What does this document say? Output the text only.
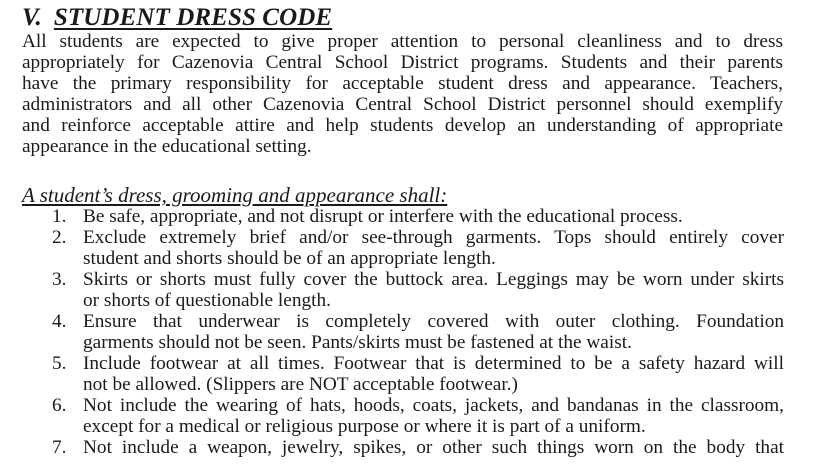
V. STUDENT DRESS CODE
All students are expected to give proper attention to personal cleanliness and to dress
appropriately for Cazenovia Central School District programs. Students and their parents
have the primary responsibility for acceptable student dress and appearance. Teachers,
administrators and all other Cazenovia Central School District personnel should exemplify
and reinforce acceptable attire and help students develop an understanding of appropriate
appearance in the educational setting.
A student’s dress, grooming and appearance shall:
1. Be safe, appropriate, and not disrupt or interfere with the educational process.
2. Exclude extremely brief and/or see-through garments. Tops should entirely cover
student and shorts should be of an appropriate length.
3. Skirts or shorts must fully cover the buttock area. Leggings may be worn under skirts
or shorts of questionable length.
4. Ensure that underwear is completely covered with outer clothing. Foundation
garments should not be seen. Pants/skirts must be fastened at the waist.
5. Include footwear at all times. Footwear that is determined to be a safety hazard will
not be allowed. (Slippers are NOT acceptable footwear.)
6. Not include the wearing of hats, hoods, coats, jackets, and bandanas in the classroom,
except for a medical or religious purpose or where it is part of a uniform.
7. Not include a weapon, jewelry, spikes, or other such things worn on the body that
